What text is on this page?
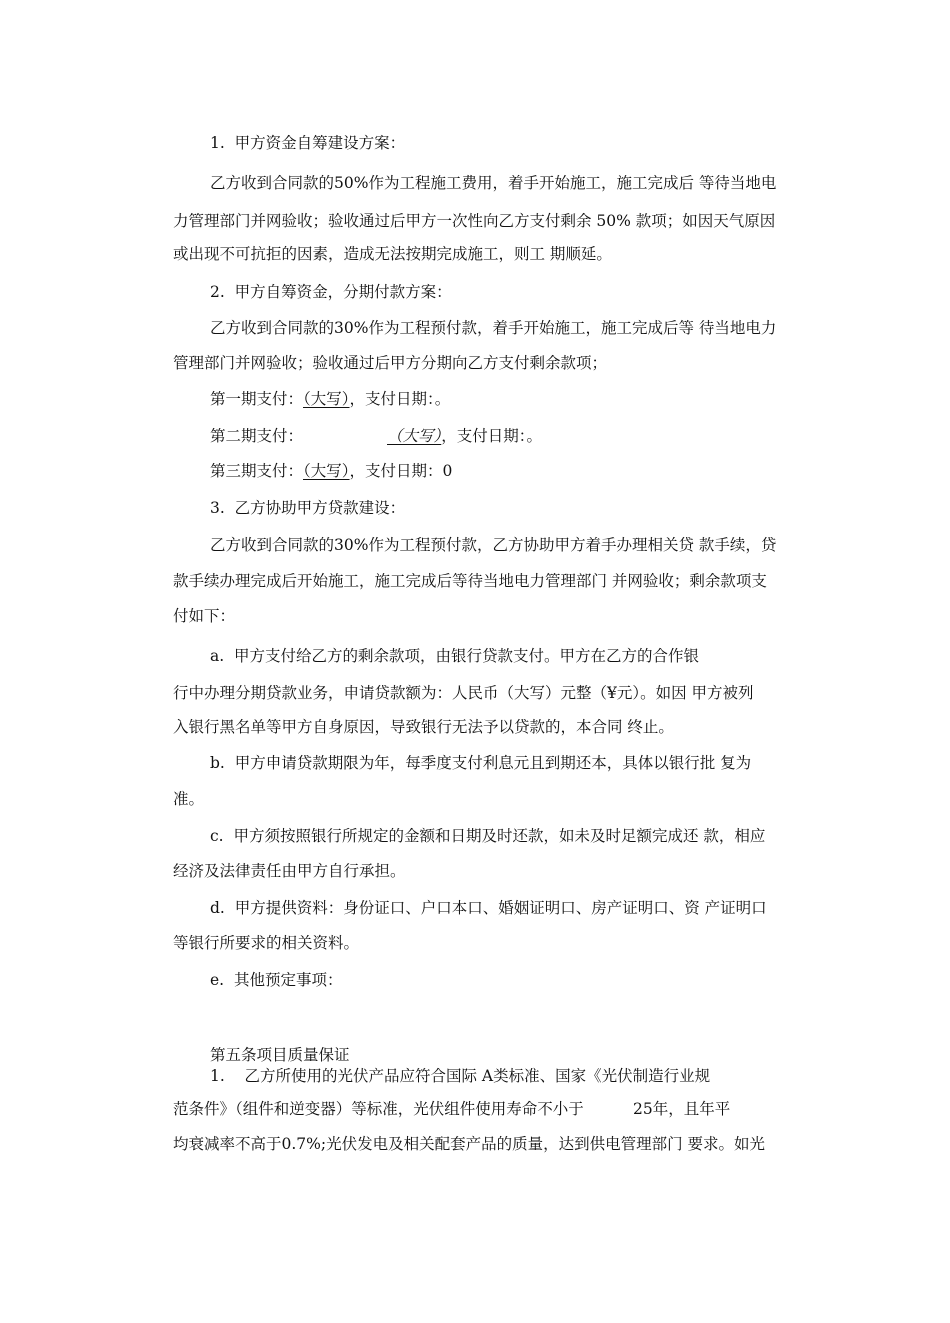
1.  甲方资金自筹建设方案：
乙方收到合同款的50%作为工程施工费用，着手开始施工，施工完成后 等待当地电
力管理部门并网验收；验收通过后甲方一次性向乙方支付剩余 50% 款项；如因天气原因
或出现不可抗拒的因素，造成无法按期完成施工，则工 期顺延。
2.  甲方自筹资金，分期付款方案：
乙方收到合同款的30%作为工程预付款，着手开始施工，施工完成后等 待当地电力
管理部门并网验收；验收通过后甲方分期向乙方支付剩余款项；
第一期支付：（大写），支付日期：。
第二期支付：	（大写），支付日期：。
第三期支付：（大写），支付日期：0
3.  乙方协助甲方贷款建设：
乙方收到合同款的30%作为工程预付款，乙方协助甲方着手办理相关贷 款手续，贷
款手续办理完成后开始施工，施工完成后等待当地电力管理部门 并网验收；剩余款项支
付如下：
a.  甲方支付给乙方的剩余款项，由银行贷款支付。甲方在乙方的合作银
行中办理分期贷款业务，申请贷款额为：人民币（大写）元整（¥元）。如因 甲方被列
入银行黑名单等甲方自身原因，导致银行无法予以贷款的，本合同 终止。
b.  甲方申请贷款期限为年，每季度支付利息元且到期还本，具体以银行批 复为
准。
c.  甲方须按照银行所规定的金额和日期及时还款，如未及时足额完成还 款，相应
经济及法律责任由甲方自行承担。
d.  甲方提供资料：身份证口、户口本口、婚姻证明口、房产证明口、资 产证明口
等银行所要求的相关资料。
e.  其他预定事项：
第五条项目质量保证
1.    乙方所使用的光伏产品应符合国际 A类标准、国家《光伏制造行业规
范条件》（组件和逆变器）等标准，光伏组件使用寿命不小于          25年，且年平
均衰减率不高于0.7%;光伏发电及相关配套产品的质量，达到供电管理部门 要求。如光
